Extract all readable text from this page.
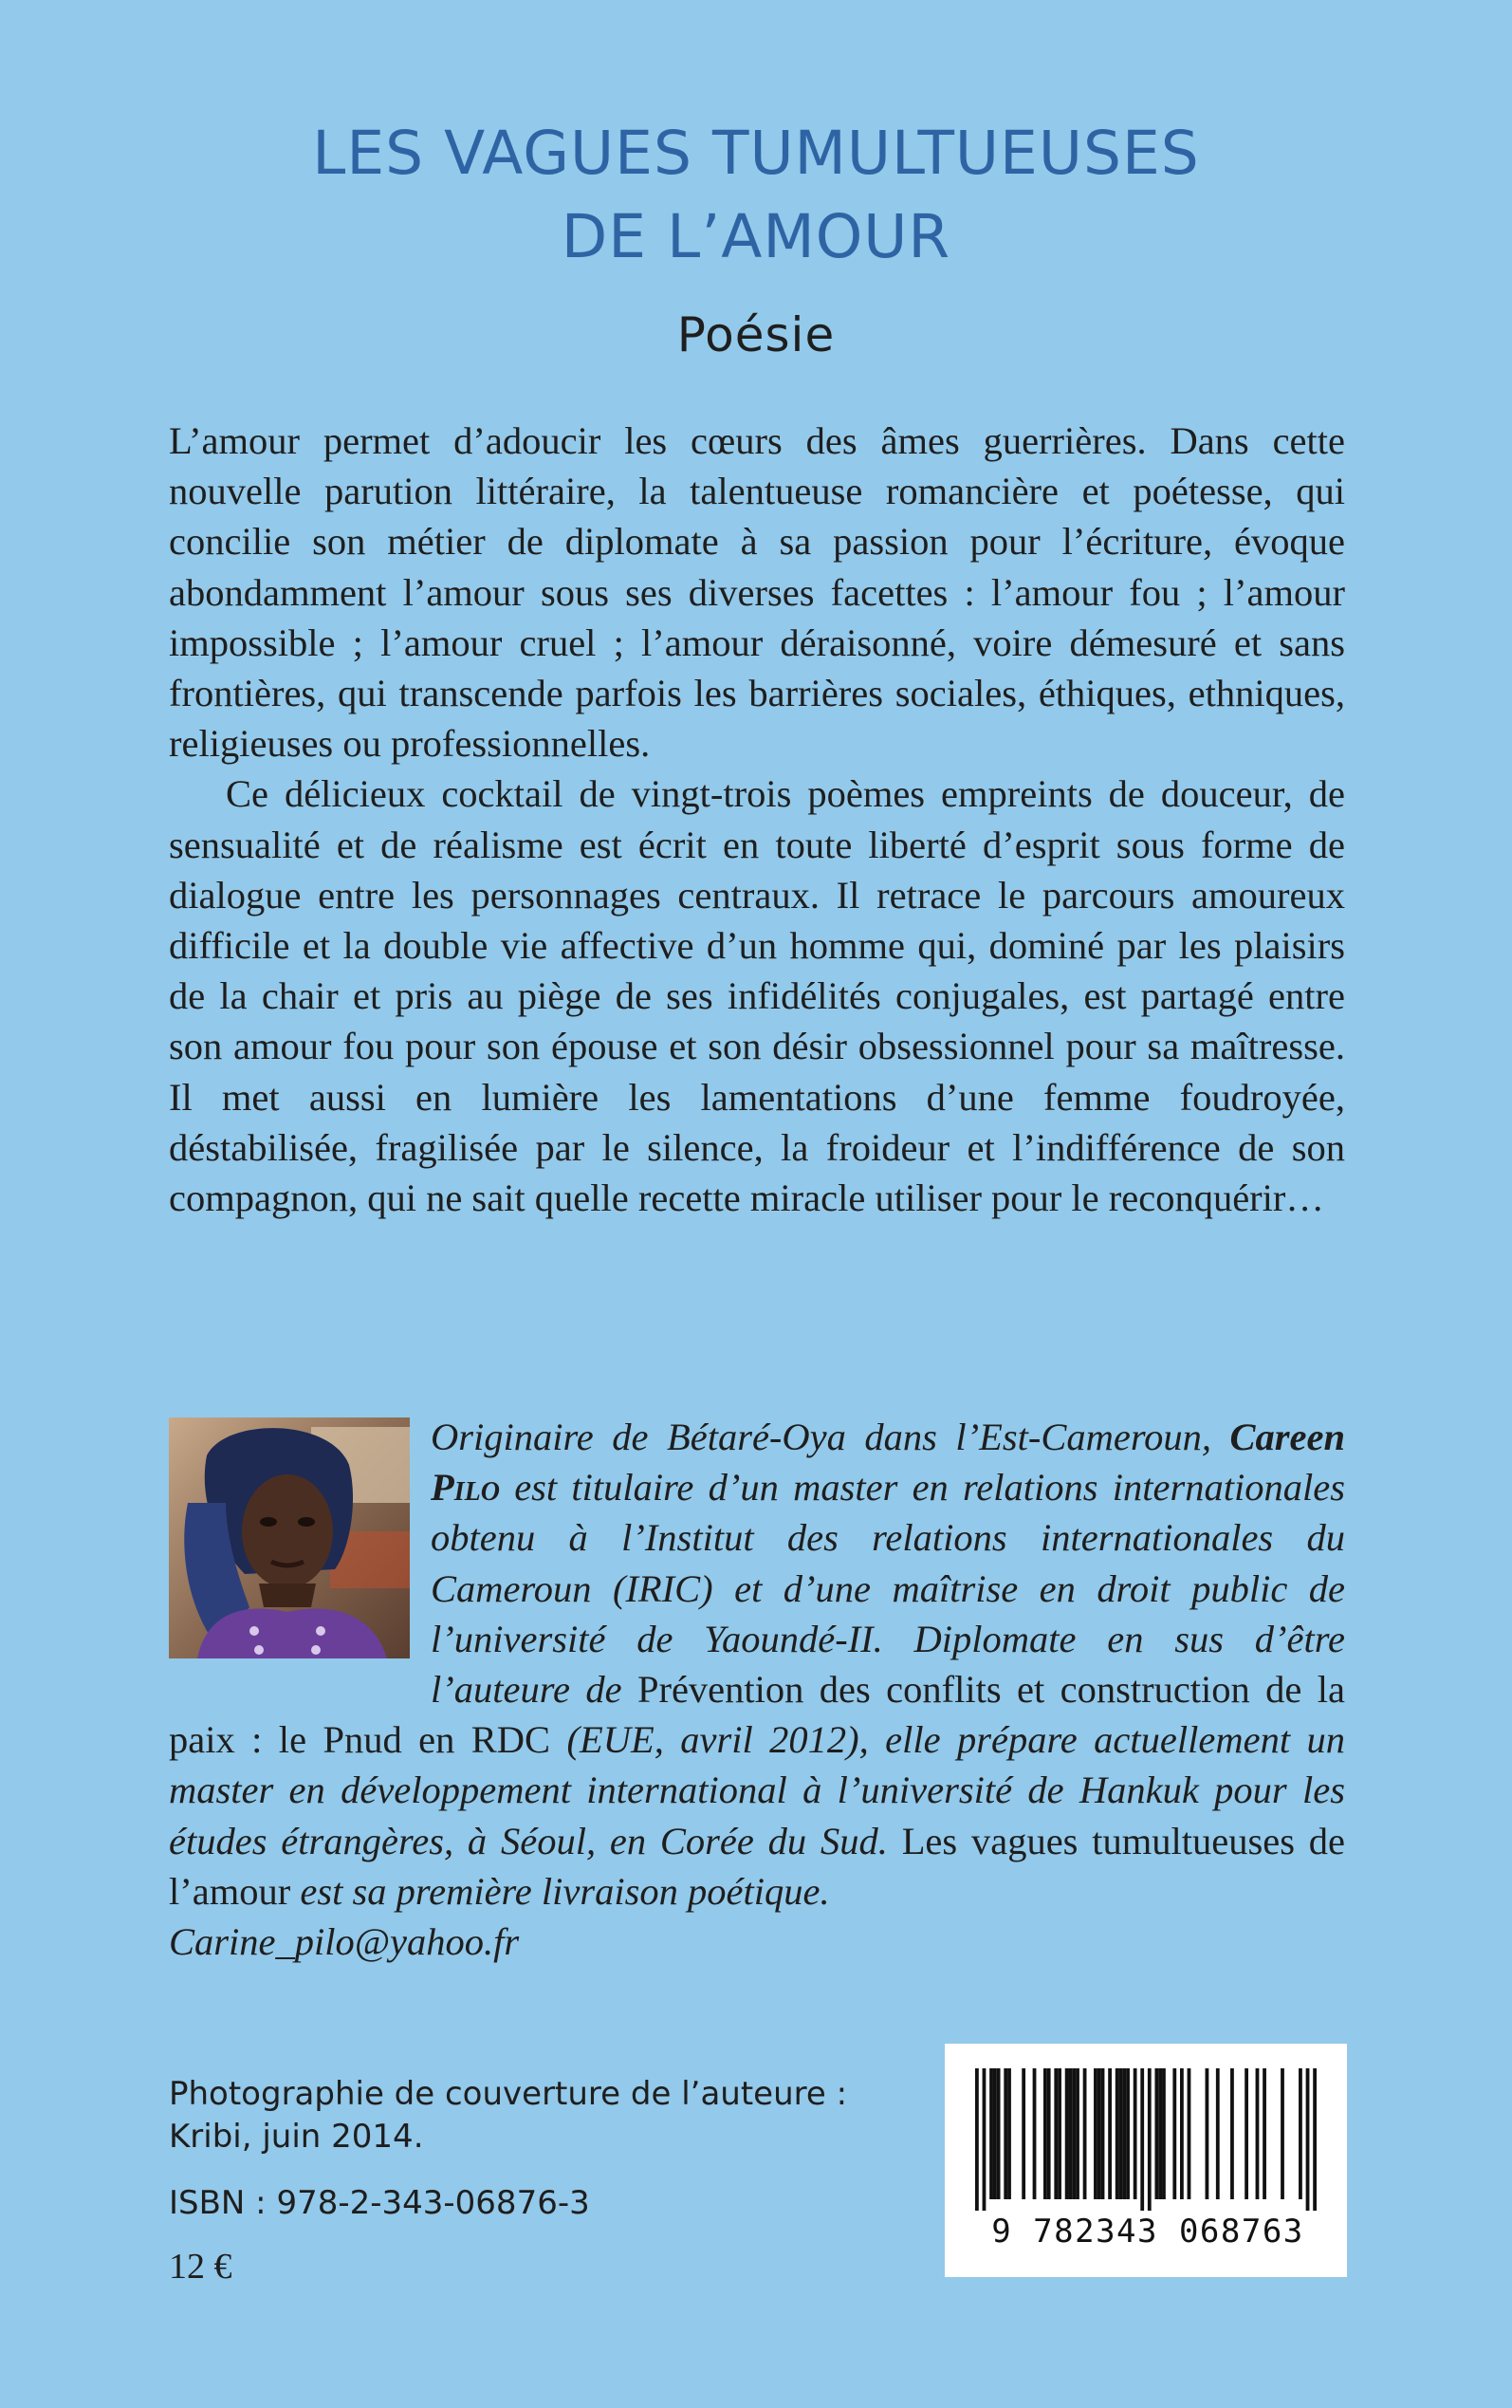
LES VAGUES TUMULTUEUSES
DE L’AMOUR
Poésie

L’amour permet d’adoucir les cœurs des âmes guerrières. Dans cette nouvelle parution littéraire, la talentueuse romancière et poétesse, qui concilie son métier de diplomate à sa passion pour l’écriture, évoque abondamment l’amour sous ses diverses facettes : l’amour fou ; l’amour impossible ; l’amour cruel ; l’amour déraisonné, voire démesuré et sans frontières, qui transcende parfois les barrières sociales, éthiques, ethniques, religieuses ou professionnelles.

Ce délicieux cocktail de vingt-trois poèmes empreints de douceur, de sensualité et de réalisme est écrit en toute liberté d’esprit sous forme de dialogue entre les personnages centraux. Il retrace le parcours amoureux difficile et la double vie affective d’un homme qui, dominé par les plaisirs de la chair et pris au piège de ses infidélités conjugales, est partagé entre son amour fou pour son épouse et son désir obsessionnel pour sa maîtresse. Il met aussi en lumière les lamentations d’une femme foudroyée, déstabilisée, fragilisée par le silence, la froideur et l’indifférence de son compagnon, qui ne sait quelle recette miracle utiliser pour le reconquérir…

Originaire de Bétaré-Oya dans l’Est-Cameroun, Careen Pilo est titulaire d’un master en relations internationales obtenu à l’Institut des relations internationales du Cameroun (IRIC) et d’une maîtrise en droit public de l’université de Yaoundé-II. Diplomate en sus d’être l’auteure de Prévention des conflits et construction de la paix : le Pnud en RDC (EUE, avril 2012), elle prépare actuellement un master en développement international à l’université de Hankuk pour les études étrangères, à Séoul, en Corée du Sud. Les vagues tumultueuses de l’amour est sa première livraison poétique.

Carine_pilo@yahoo.fr
Photographie de couverture de l’auteure :
Kribi, juin 2014.
ISBN : 978-2-343-06876-3
12 €
9 782343 068763
